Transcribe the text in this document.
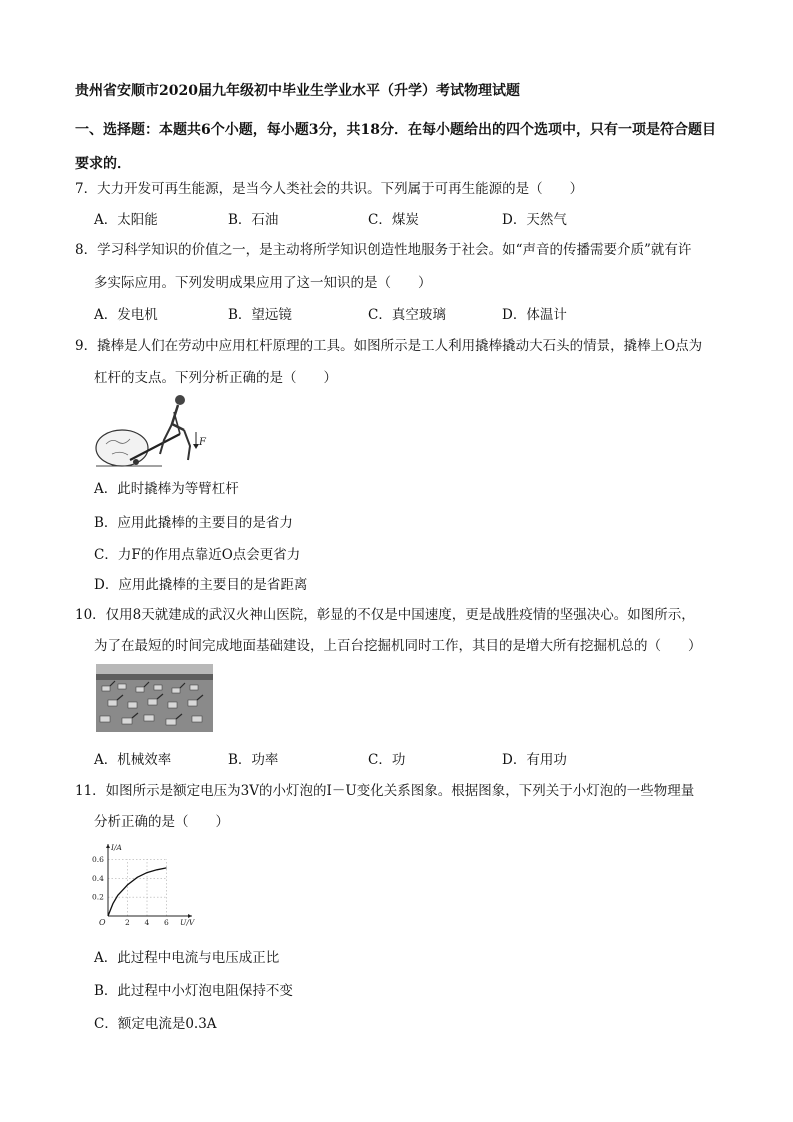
贵州省安顺市2020届九年级初中毕业生学业水平（升学）考试物理试题
一、选择题：本题共6个小题，每小题3分，共18分．在每小题给出的四个选项中，只有一项是符合题目要求的．
7．大力开发可再生能源，是当今人类社会的共识。下列属于可再生能源的是（　　）
A．太阳能	B．石油	C．煤炭	D．天然气
8．学习科学知识的价值之一，是主动将所学知识创造性地服务于社会。如“声音的传播需要介质”就有许
多实际应用。下列发明成果应用了这一知识的是（　　）
A．发电机	B．望远镜	C．真空玻璃	D．体温计
9．撬棒是人们在劳动中应用杠杆原理的工具。如图所示是工人利用撬棒撬动大石头的情景，撬棒上O点为
杠杆的支点。下列分析正确的是（　　）
F
A．此时撬棒为等臂杠杆
B．应用此撬棒的主要目的是省力
C．力F的作用点靠近O点会更省力
D．应用此撬棒的主要目的是省距离
10．仅用8天就建成的武汉火神山医院，彰显的不仅是中国速度，更是战胜疫情的坚强决心。如图所示，
为了在最短的时间完成地面基础建设，上百台挖掘机同时工作，其目的是增大所有挖掘机总的（　　）
A．机械效率	B．功率	C．功	D．有用功
11．如图所示是额定电压为3V的小灯泡的I－U变化关系图象。根据图象，下列关于小灯泡的一些物理量
分析正确的是（　　）
2 4 6
0.2
0.4
0.6
U/V
I/A
O
A．此过程中电流与电压成正比
B．此过程中小灯泡电阻保持不变
C．额定电流是0.3A
